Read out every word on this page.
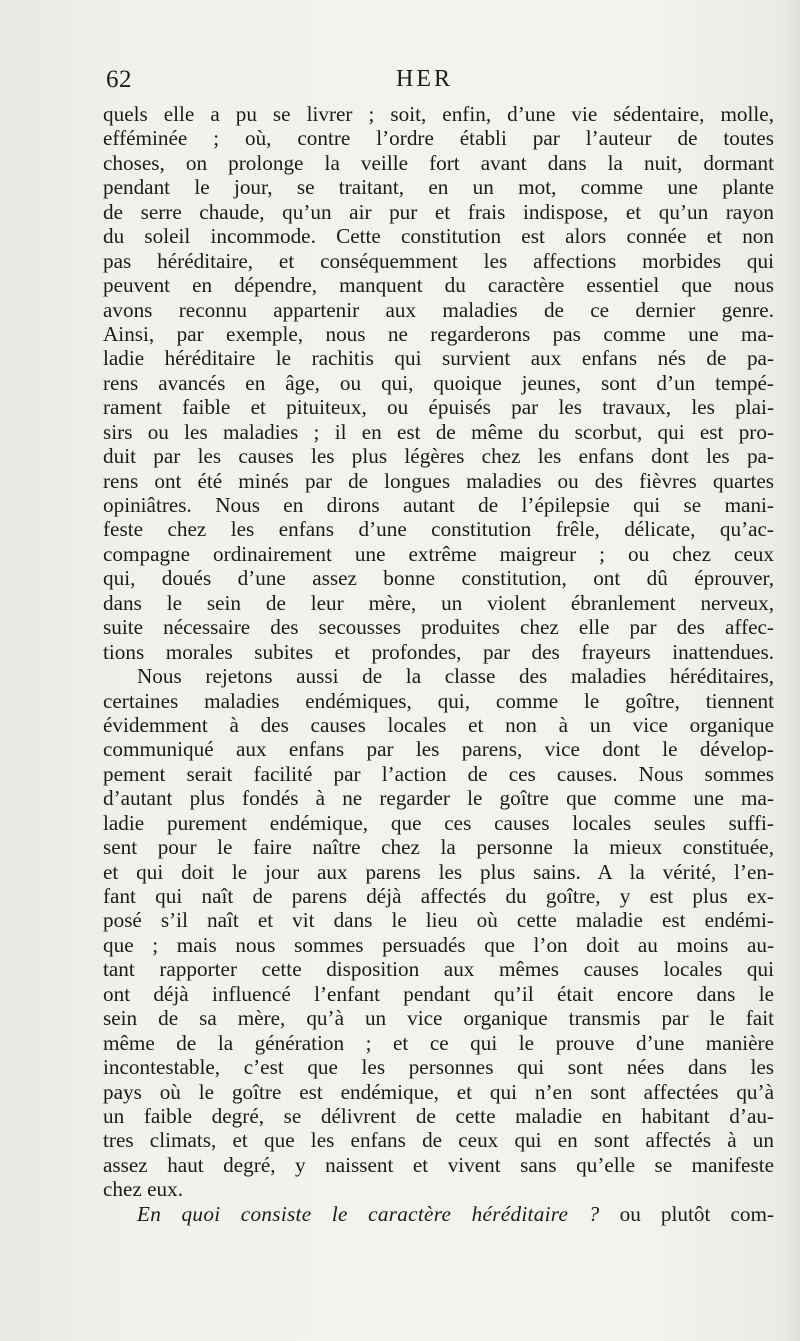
62	HER
quels elle a pu se livrer ; soit, enfin, d’une vie sédentaire, molle,
efféminée ; où, contre l’ordre établi par l’auteur de toutes
choses, on prolonge la veille fort avant dans la nuit, dormant
pendant le jour, se traitant, en un mot, comme une plante
de serre chaude, qu’un air pur et frais indispose, et qu’un rayon
du soleil incommode. Cette constitution est alors connée et non
pas héréditaire, et conséquemment les affections morbides qui
peuvent en dépendre, manquent du caractère essentiel que nous
avons reconnu appartenir aux maladies de ce dernier genre.
Ainsi, par exemple, nous ne regarderons pas comme une ma-
ladie héréditaire le rachitis qui survient aux enfans nés de pa-
rens avancés en âge, ou qui, quoique jeunes, sont d’un tempé-
rament faible et pituiteux, ou épuisés par les travaux, les plai-
sirs ou les maladies ; il en est de même du scorbut, qui est pro-
duit par les causes les plus légères chez les enfans dont les pa-
rens ont été minés par de longues maladies ou des fièvres quartes
opiniâtres. Nous en dirons autant de l’épilepsie qui se mani-
feste chez les enfans d’une constitution frêle, délicate, qu’ac-
compagne ordinairement une extrême maigreur ; ou chez ceux
qui, doués d’une assez bonne constitution, ont dû éprouver,
dans le sein de leur mère, un violent ébranlement nerveux,
suite nécessaire des secousses produites chez elle par des affec-
tions morales subites et profondes, par des frayeurs inattendues.
Nous rejetons aussi de la classe des maladies héréditaires,
certaines maladies endémiques, qui, comme le goître, tiennent
évidemment à des causes locales et non à un vice organique
communiqué aux enfans par les parens, vice dont le dévelop-
pement serait facilité par l’action de ces causes. Nous sommes
d’autant plus fondés à ne regarder le goître que comme une ma-
ladie purement endémique, que ces causes locales seules suffi-
sent pour le faire naître chez la personne la mieux constituée,
et qui doit le jour aux parens les plus sains. A la vérité, l’en-
fant qui naît de parens déjà affectés du goître, y est plus ex-
posé s’il naît et vit dans le lieu où cette maladie est endémi-
que ; mais nous sommes persuadés que l’on doit au moins au-
tant rapporter cette disposition aux mêmes causes locales qui
ont déjà influencé l’enfant pendant qu’il était encore dans le
sein de sa mère, qu’à un vice organique transmis par le fait
même de la génération ; et ce qui le prouve d’une manière
incontestable, c’est que les personnes qui sont nées dans les
pays où le goître est endémique, et qui n’en sont affectées qu’à
un faible degré, se délivrent de cette maladie en habitant d’au-
tres climats, et que les enfans de ceux qui en sont affectés à un
assez haut degré, y naissent et vivent sans qu’elle se manifeste
chez eux.
En quoi consiste le caractère héréditaire ? ou plutôt com-
